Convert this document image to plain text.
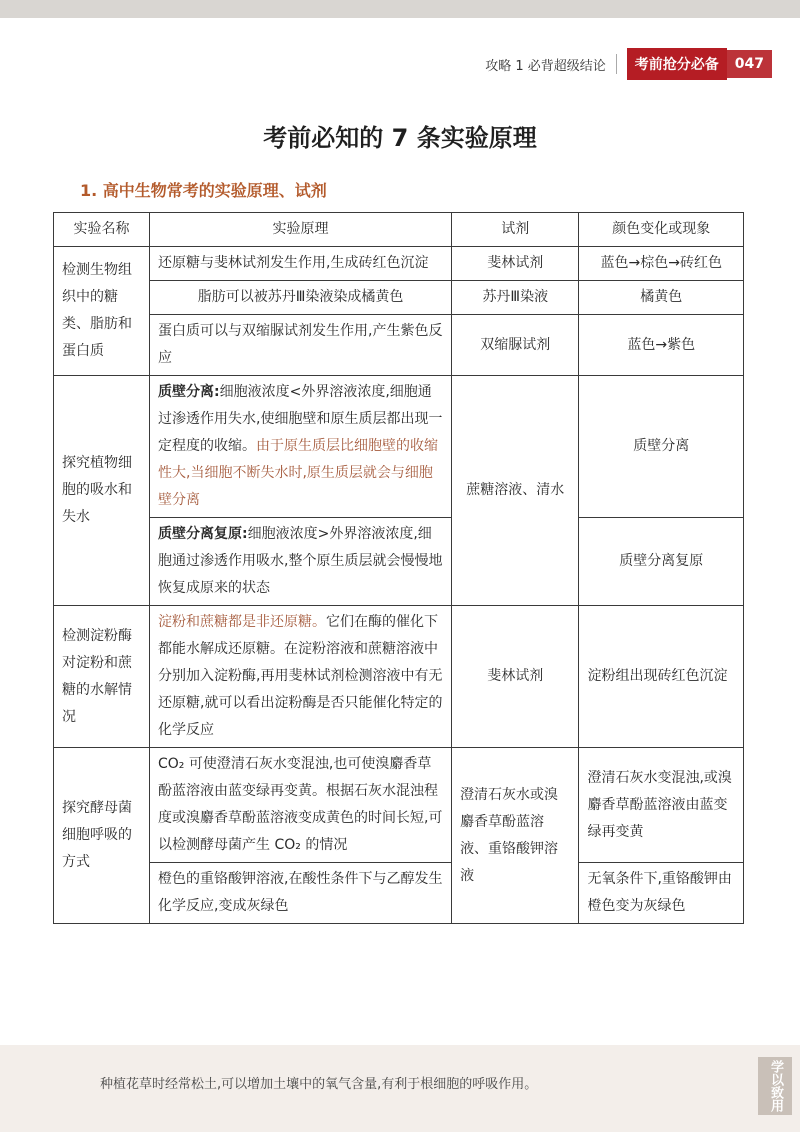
攻略 1 必背超级结论	考前抢分必备	047
考前必知的 7 条实验原理
1. 高中生物常考的实验原理、试剂
实验名称	实验原理	试剂	颜色变化或现象
检测生物组织中的糖类、脂肪和蛋白质	还原糖与斐林试剂发生作用,生成砖红色沉淀	斐林试剂	蓝色→棕色→砖红色
	脂肪可以被苏丹Ⅲ染液染成橘黄色	苏丹Ⅲ染液	橘黄色
	蛋白质可以与双缩脲试剂发生作用,产生紫色反应	双缩脲试剂	蓝色→紫色
探究植物细胞的吸水和失水	质壁分离:细胞液浓度<外界溶液浓度,细胞通过渗透作用失水,使细胞壁和原生质层都出现一定程度的收缩。由于原生质层比细胞壁的收缩性大,当细胞不断失水时,原生质层就会与细胞壁分离	蔗糖溶液、清水	质壁分离
	质壁分离复原:细胞液浓度>外界溶液浓度,细胞通过渗透作用吸水,整个原生质层就会慢慢地恢复成原来的状态		质壁分离复原
检测淀粉酶对淀粉和蔗糖的水解情况	淀粉和蔗糖都是非还原糖。它们在酶的催化下都能水解成还原糖。在淀粉溶液和蔗糖溶液中分别加入淀粉酶,再用斐林试剂检测溶液中有无还原糖,就可以看出淀粉酶是否只能催化特定的化学反应	斐林试剂	淀粉组出现砖红色沉淀
探究酵母菌细胞呼吸的方式	CO₂ 可使澄清石灰水变混浊,也可使溴麝香草酚蓝溶液由蓝变绿再变黄。根据石灰水混浊程度或溴麝香草酚蓝溶液变成黄色的时间长短,可以检测酵母菌产生 CO₂ 的情况	澄清石灰水或溴麝香草酚蓝溶液、重铬酸钾溶液	澄清石灰水变混浊,或溴麝香草酚蓝溶液由蓝变绿再变黄
	橙色的重铬酸钾溶液,在酸性条件下与乙醇发生化学反应,变成灰绿色		无氧条件下,重铬酸钾由橙色变为灰绿色
种植花草时经常松土,可以增加土壤中的氧气含量,有利于根细胞的呼吸作用。	学以致用
